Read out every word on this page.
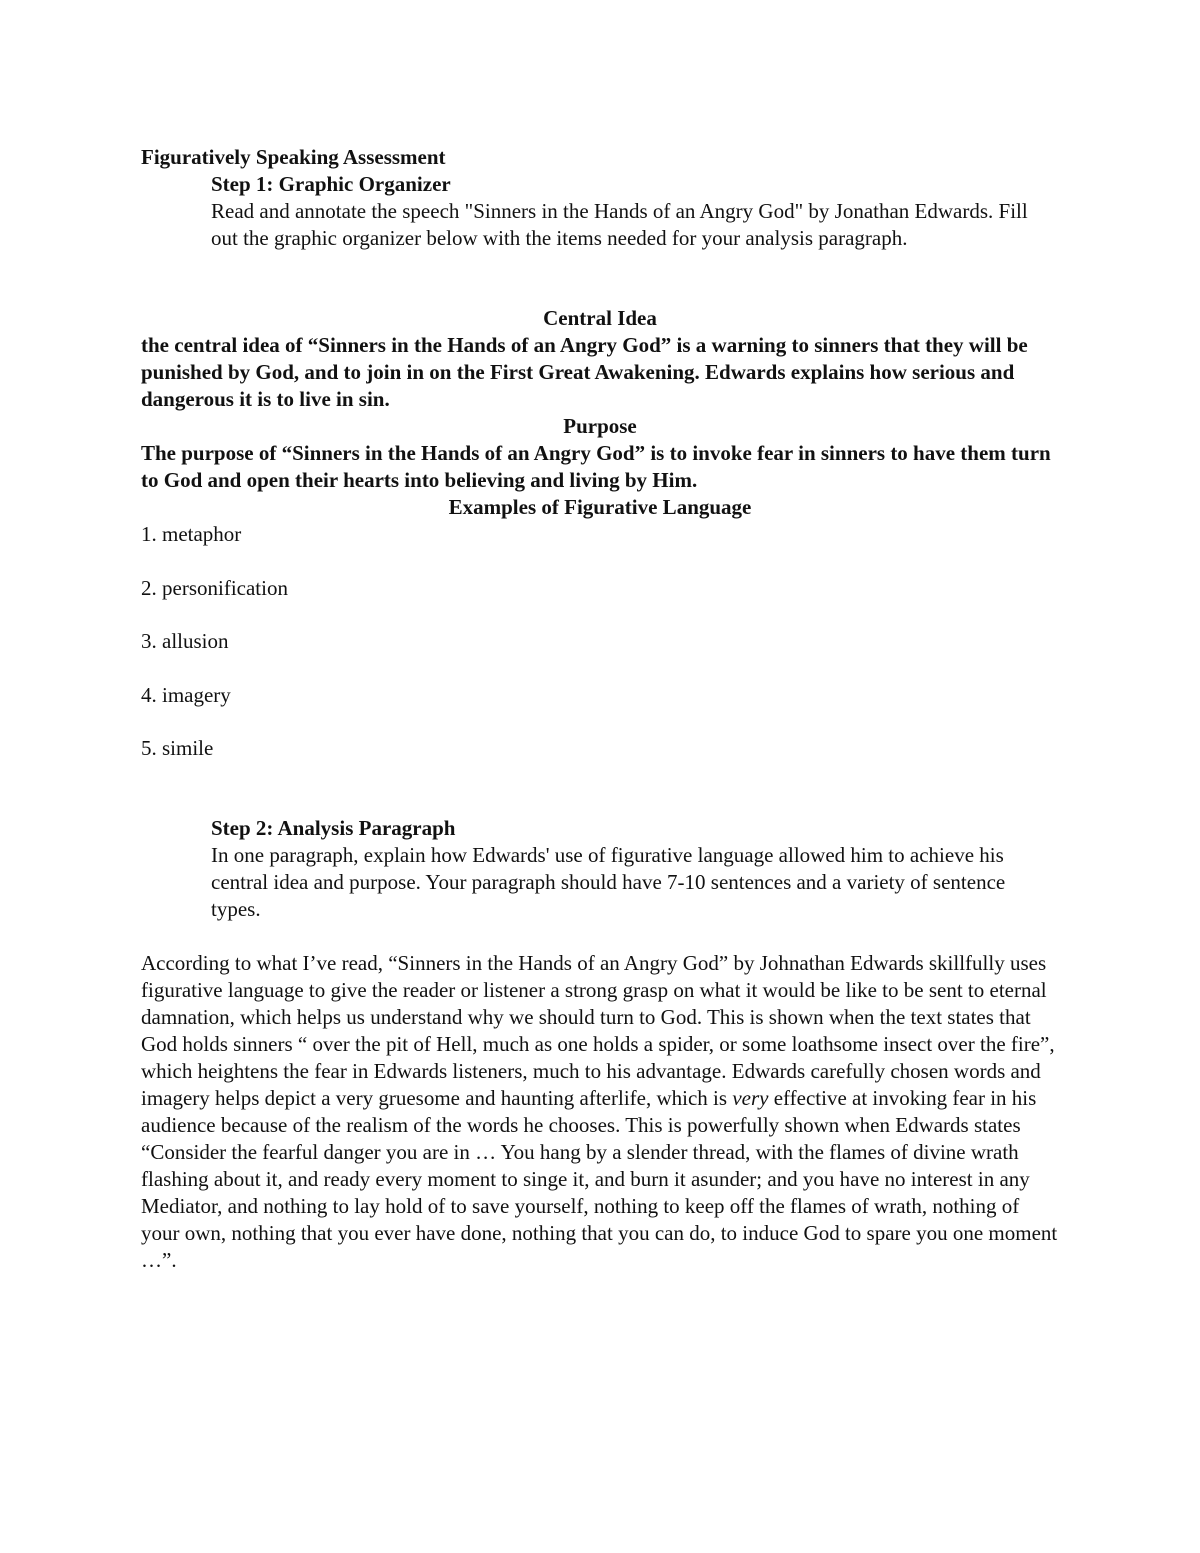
Figuratively Speaking Assessment
Step 1: Graphic Organizer
Read and annotate the speech "Sinners in the Hands of an Angry God" by Jonathan Edwards. Fill out the graphic organizer below with the items needed for your analysis paragraph.
Central Idea
the central idea of “Sinners in the Hands of an Angry God” is a warning to sinners that they will be punished by God, and to join in on the First Great Awakening. Edwards explains how serious and dangerous it is to live in sin.
Purpose
The purpose of “Sinners in the Hands of an Angry God” is to invoke fear in sinners to have them turn to God and open their hearts into believing and living by Him.
Examples of Figurative Language
1. metaphor
2. personification
3. allusion
4. imagery
5. simile
Step 2: Analysis Paragraph
In one paragraph, explain how Edwards' use of figurative language allowed him to achieve his central idea and purpose. Your paragraph should have 7-10 sentences and a variety of sentence types.
According to what I’ve read, “Sinners in the Hands of an Angry God” by Johnathan Edwards skillfully uses figurative language to give the reader or listener a strong grasp on what it would be like to be sent to eternal damnation, which helps us understand why we should turn to God. This is shown when the text states that God holds sinners “ over the pit of Hell, much as one holds a spider, or some loathsome insect over the fire”, which heightens the fear in Edwards listeners, much to his advantage. Edwards carefully chosen words and imagery helps depict a very gruesome and haunting afterlife, which is very effective at invoking fear in his audience because of the realism of the words he chooses. This is powerfully shown when Edwards states “Consider the fearful danger you are in … You hang by a slender thread, with the flames of divine wrath flashing about it, and ready every moment to singe it, and burn it asunder; and you have no interest in any Mediator, and nothing to lay hold of to save yourself, nothing to keep off the flames of wrath, nothing of your own, nothing that you ever have done, nothing that you can do, to induce God to spare you one moment …”.
